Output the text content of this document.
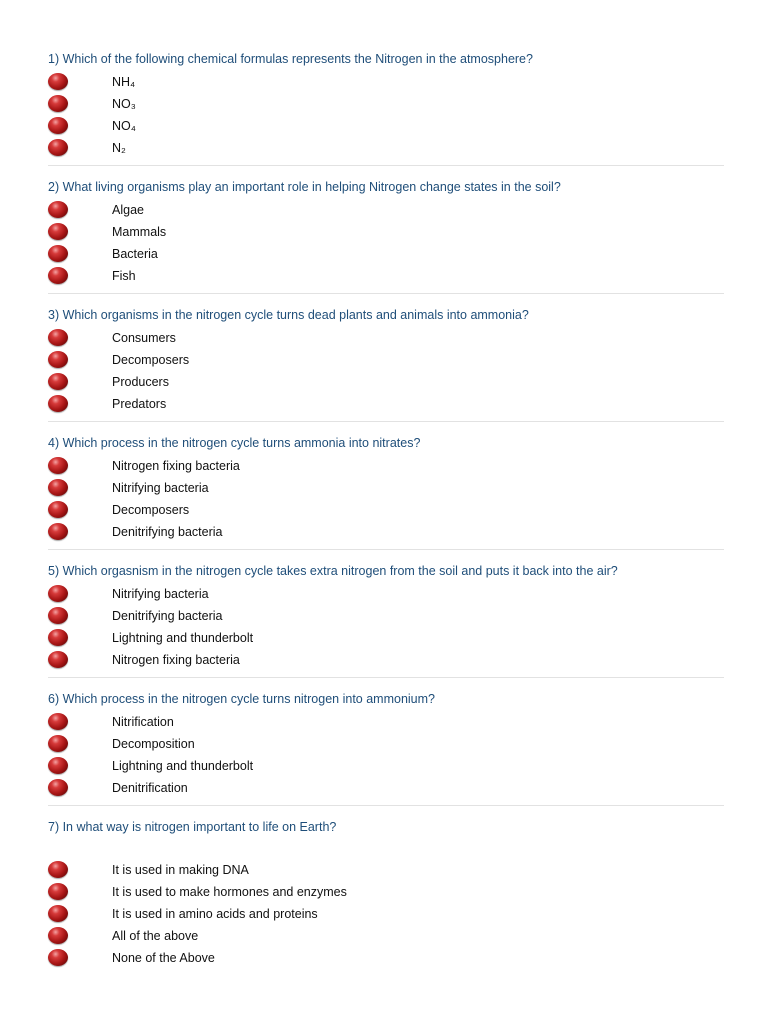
1) Which of the following chemical formulas represents the Nitrogen in the atmosphere?
NH₄
NO₃
NO₄
N₂
2) What living organisms play an important role in helping Nitrogen change states in the soil?
Algae
Mammals
Bacteria
Fish
3) Which organisms in the nitrogen cycle turns dead plants and animals into ammonia?
Consumers
Decomposers
Producers
Predators
4) Which process in the nitrogen cycle turns ammonia into nitrates?
Nitrogen fixing bacteria
Nitrifying bacteria
Decomposers
Denitrifying bacteria
5) Which orgasnism in the nitrogen cycle takes extra nitrogen from the soil and puts it back into the air?
Nitrifying bacteria
Denitrifying bacteria
Lightning and thunderbolt
Nitrogen fixing bacteria
6) Which process in the nitrogen cycle turns nitrogen into ammonium?
Nitrification
Decomposition
Lightning and thunderbolt
Denitrification
7) In what way is nitrogen important to life on Earth?
It is used in making DNA
It is used to make hormones and enzymes
It is used in amino acids and proteins
All of the above
None of the Above
